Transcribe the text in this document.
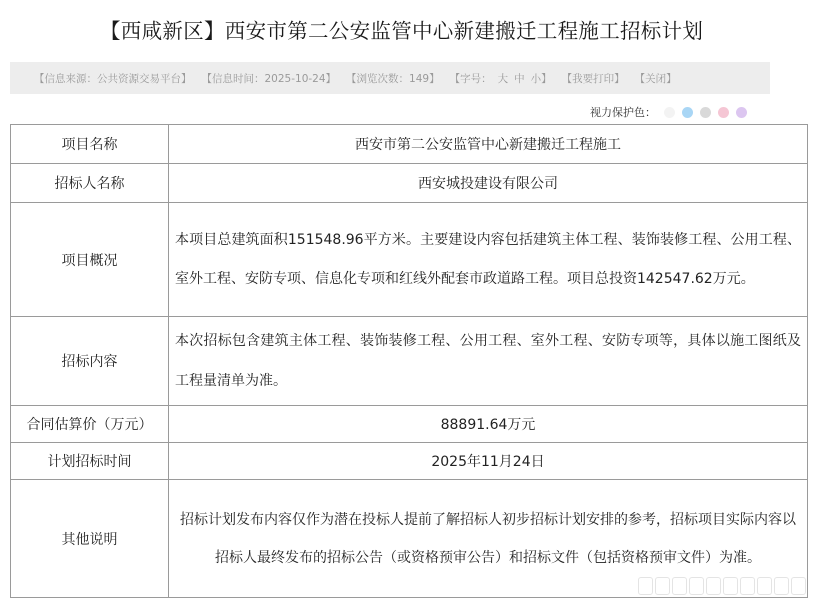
【西咸新区】西安市第二公安监管中心新建搬迁工程施工招标计划
【信息来源：公共资源交易平台】 【信息时间：2025-10-24】 【浏览次数：149】 【字号： 大 中 小】 【我要打印】 【关闭】
视力保护色：
项目名称	西安市第二公安监管中心新建搬迁工程施工
招标人名称	西安城投建设有限公司
项目概况	本项目总建筑面积151548.96平方米。主要建设内容包括建筑主体工程、装饰装修工程、公用工程、室外工程、安防专项、信息化专项和红线外配套市政道路工程。项目总投资142547.62万元。
招标内容	本次招标包含建筑主体工程、装饰装修工程、公用工程、室外工程、安防专项等，具体以施工图纸及工程量清单为准。
合同估算价（万元）	88891.64万元
计划招标时间	2025年11月24日
其他说明	招标计划发布内容仅作为潜在投标人提前了解招标人初步招标计划安排的参考，招标项目实际内容以招标人最终发布的招标公告（或资格预审公告）和招标文件（包括资格预审文件）为准。
